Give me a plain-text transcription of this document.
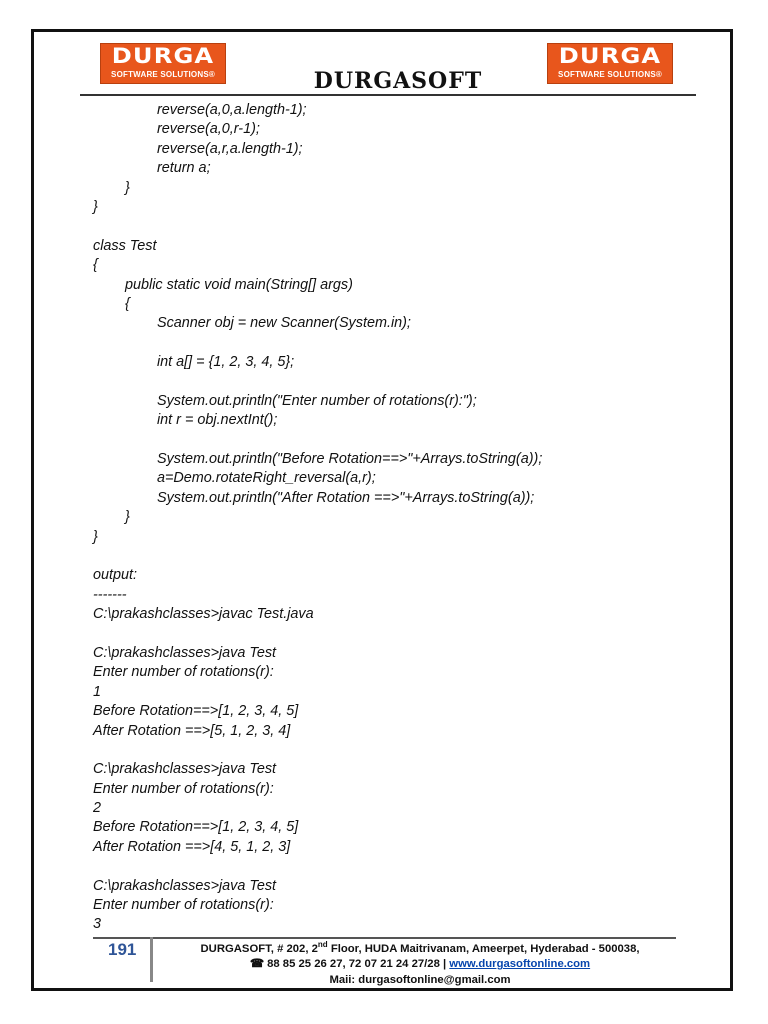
DURGA
SOFTWARE SOLUTIONS®
DURGA
SOFTWARE SOLUTIONS®
DURGASOFT
reverse(a,0,a.length-1);
reverse(a,0,r-1);
reverse(a,r,a.length-1);
return a;
}
}
class Test
{
public static void main(String[] args)
{
Scanner obj = new Scanner(System.in);
int a[] = {1, 2, 3, 4, 5};
System.out.println("Enter number of rotations(r):");
int r = obj.nextInt();
System.out.println("Before Rotation==>"+Arrays.toString(a));
a=Demo.rotateRight_reversal(a,r);
System.out.println("After Rotation ==>"+Arrays.toString(a));
}
}
output:
-------
C:\prakashclasses>javac Test.java
C:\prakashclasses>java Test
Enter number of rotations(r):
1
Before Rotation==>[1, 2, 3, 4, 5]
After Rotation ==>[5, 1, 2, 3, 4]
C:\prakashclasses>java Test
Enter number of rotations(r):
2
Before Rotation==>[1, 2, 3, 4, 5]
After Rotation ==>[4, 5, 1, 2, 3]
C:\prakashclasses>java Test
Enter number of rotations(r):
3
191	DURGASOFT, # 202, 2nd Floor, HUDA Maitrivanam, Ameerpet, Hyderabad - 500038,
☎ 88 85 25 26 27, 72 07 21 24 27/28 | www.durgasoftonline.com
Maii: durgasoftonline@gmail.com
